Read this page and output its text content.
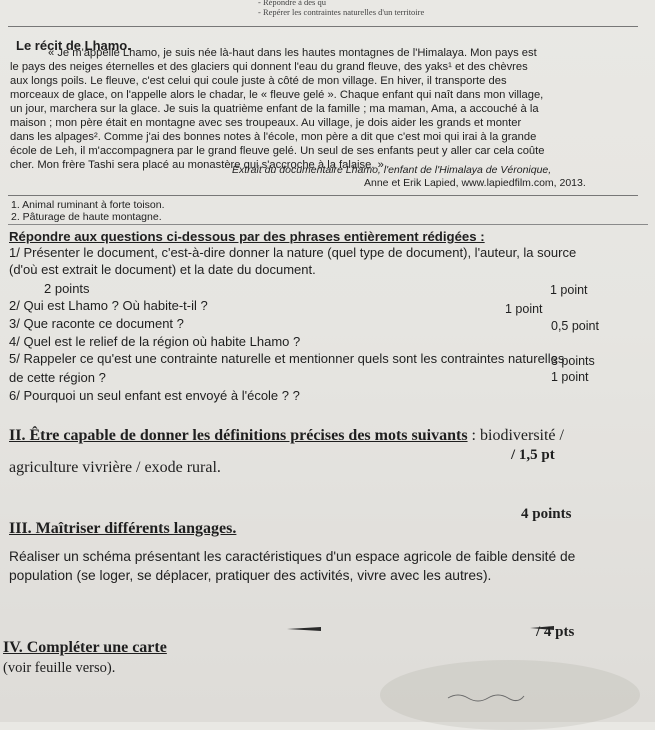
- Répondre à des qu
- Repérer les contraintes naturelles d'un territoire
Le récit de Lhamo.
« Je m'appelle Lhamo, je suis née là-haut dans les hautes montagnes de l'Himalaya. Mon pays est
le pays des neiges éternelles et des glaciers qui donnent l'eau du grand fleuve, des yaks¹ et des chèvres
aux longs poils. Le fleuve, c'est celui qui coule juste à côté de mon village. En hiver, il transporte des
morceaux de glace, on l'appelle alors le chadar, le « fleuve gelé ». Chaque enfant qui naît dans mon village,
un jour, marchera sur la glace. Je suis la quatrième enfant de la famille ; ma maman, Ama, a accouché à la
maison ; mon père était en montagne avec ses troupeaux. Au village, je dois aider les grands et monter
dans les alpages². Comme j'ai des bonnes notes à l'école, mon père a dit que c'est moi qui irai à la grande
école de Leh, il m'accompagnera par le grand fleuve gelé. Un seul de ses enfants peut y aller car cela coûte
cher. Mon frère Tashi sera placé au monastère qui s'accroche à la falaise. »
Extrait du documentaire Lhamo, l'enfant de l'Himalaya de Véronique,
Anne et Erik Lapied, www.lapiedfilm.com, 2013.
1. Animal ruminant à forte toison.
2. Pâturage de haute montagne.
Répondre aux questions ci-dessous par des phrases entièrement rédigées :
1/ Présenter le document, c'est-à-dire donner la nature (quel type de document), l'auteur, la source
(d'où est extrait le document) et la date du document.
2 points
2/ Qui est Lhamo ? Où habite-t-il ?
1 point
3/ Que raconte ce document ?
1 point
4/ Quel est le relief de la région où habite Lhamo ?
0,5 point
5/ Rappeler ce qu'est une contrainte naturelle et mentionner quels sont les contraintes naturelles
de cette région ?
3 points
6/ Pourquoi un seul enfant est envoyé à l'école ? ?
1 point
II. Être capable de donner les définitions précises des mots suivants : biodiversité /
agriculture vivrière / exode rural.
/ 1,5 pt
III. Maîtriser différents langages.
4 points
Réaliser un schéma présentant les caractéristiques d'un espace agricole de faible densité de
population (se loger, se déplacer, pratiquer des activités, vivre avec les autres).
IV. Compléter une carte
/ 4 pts
(voir feuille verso).
